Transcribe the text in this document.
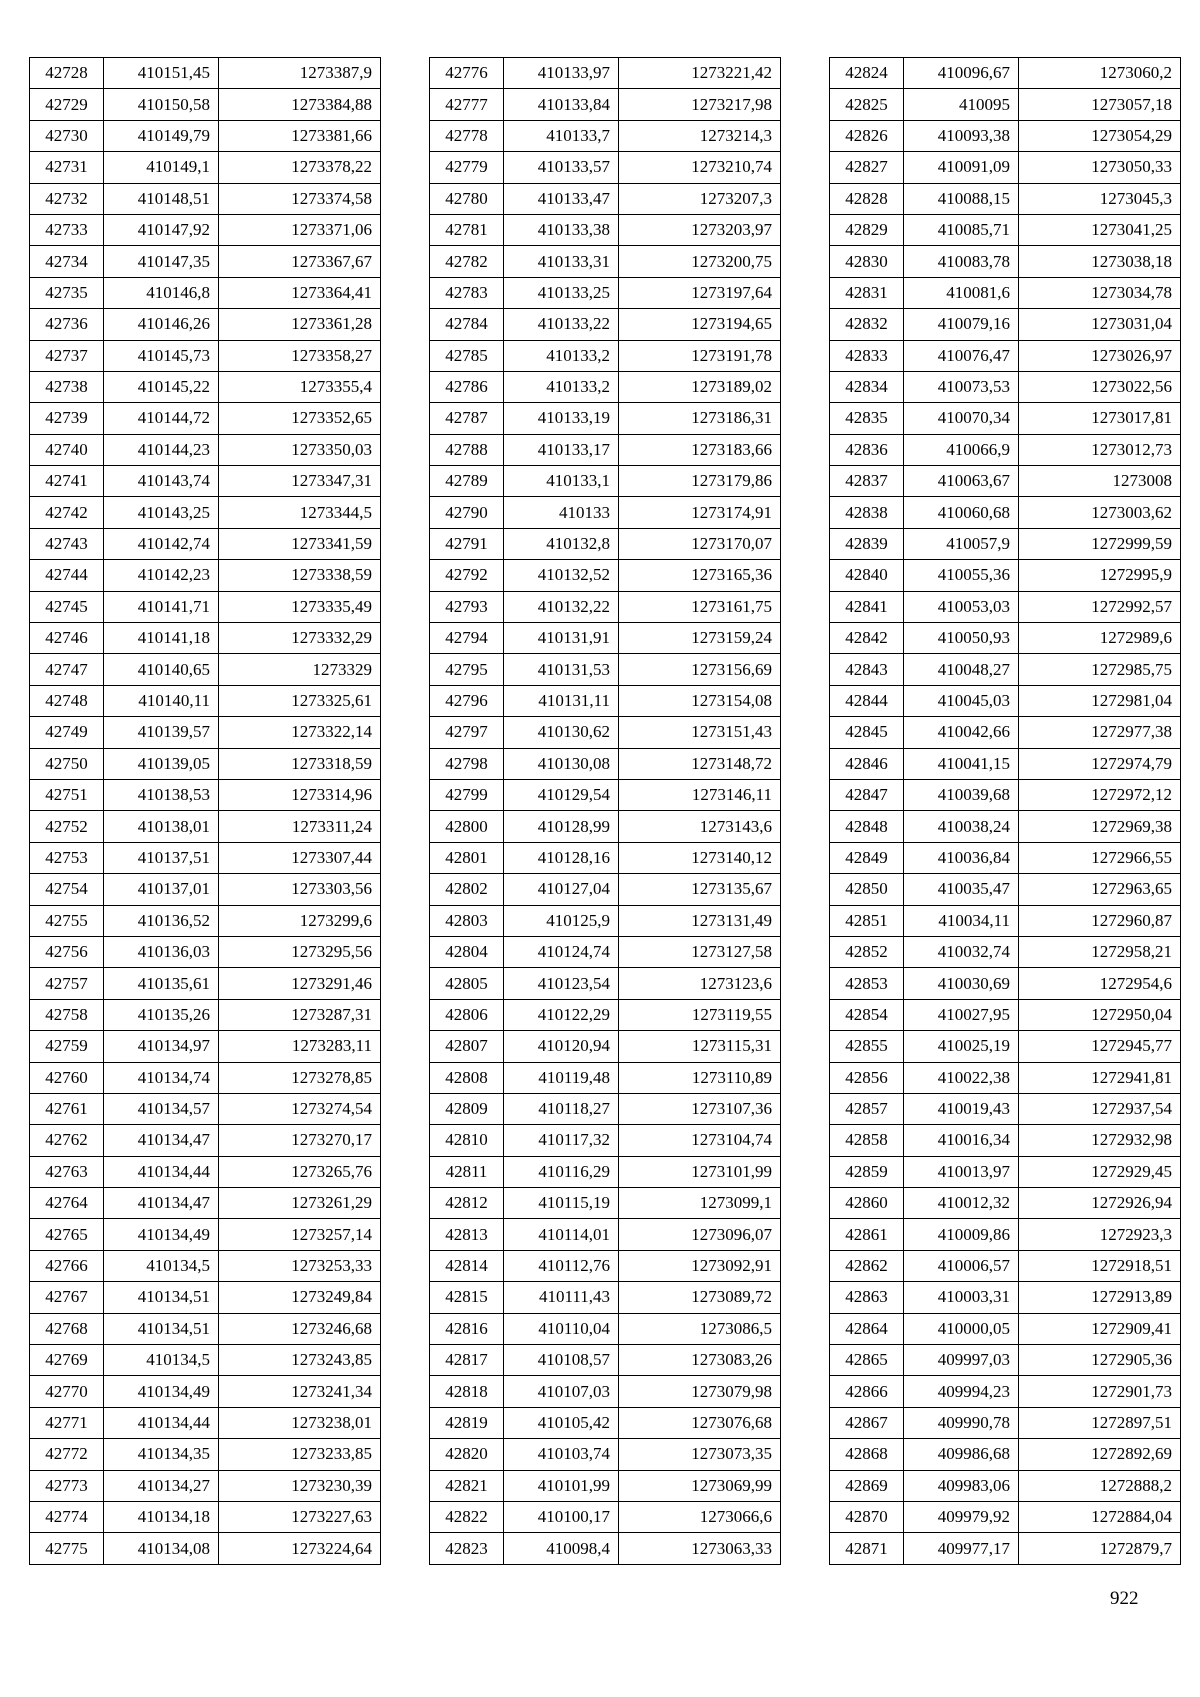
42728	410151,45	1273387,9
42729	410150,58	1273384,88
42730	410149,79	1273381,66
42731	410149,1	1273378,22
42732	410148,51	1273374,58
42733	410147,92	1273371,06
42734	410147,35	1273367,67
42735	410146,8	1273364,41
42736	410146,26	1273361,28
42737	410145,73	1273358,27
42738	410145,22	1273355,4
42739	410144,72	1273352,65
42740	410144,23	1273350,03
42741	410143,74	1273347,31
42742	410143,25	1273344,5
42743	410142,74	1273341,59
42744	410142,23	1273338,59
42745	410141,71	1273335,49
42746	410141,18	1273332,29
42747	410140,65	1273329
42748	410140,11	1273325,61
42749	410139,57	1273322,14
42750	410139,05	1273318,59
42751	410138,53	1273314,96
42752	410138,01	1273311,24
42753	410137,51	1273307,44
42754	410137,01	1273303,56
42755	410136,52	1273299,6
42756	410136,03	1273295,56
42757	410135,61	1273291,46
42758	410135,26	1273287,31
42759	410134,97	1273283,11
42760	410134,74	1273278,85
42761	410134,57	1273274,54
42762	410134,47	1273270,17
42763	410134,44	1273265,76
42764	410134,47	1273261,29
42765	410134,49	1273257,14
42766	410134,5	1273253,33
42767	410134,51	1273249,84
42768	410134,51	1273246,68
42769	410134,5	1273243,85
42770	410134,49	1273241,34
42771	410134,44	1273238,01
42772	410134,35	1273233,85
42773	410134,27	1273230,39
42774	410134,18	1273227,63
42775	410134,08	1273224,64
42776	410133,97	1273221,42
42777	410133,84	1273217,98
42778	410133,7	1273214,3
42779	410133,57	1273210,74
42780	410133,47	1273207,3
42781	410133,38	1273203,97
42782	410133,31	1273200,75
42783	410133,25	1273197,64
42784	410133,22	1273194,65
42785	410133,2	1273191,78
42786	410133,2	1273189,02
42787	410133,19	1273186,31
42788	410133,17	1273183,66
42789	410133,1	1273179,86
42790	410133	1273174,91
42791	410132,8	1273170,07
42792	410132,52	1273165,36
42793	410132,22	1273161,75
42794	410131,91	1273159,24
42795	410131,53	1273156,69
42796	410131,11	1273154,08
42797	410130,62	1273151,43
42798	410130,08	1273148,72
42799	410129,54	1273146,11
42800	410128,99	1273143,6
42801	410128,16	1273140,12
42802	410127,04	1273135,67
42803	410125,9	1273131,49
42804	410124,74	1273127,58
42805	410123,54	1273123,6
42806	410122,29	1273119,55
42807	410120,94	1273115,31
42808	410119,48	1273110,89
42809	410118,27	1273107,36
42810	410117,32	1273104,74
42811	410116,29	1273101,99
42812	410115,19	1273099,1
42813	410114,01	1273096,07
42814	410112,76	1273092,91
42815	410111,43	1273089,72
42816	410110,04	1273086,5
42817	410108,57	1273083,26
42818	410107,03	1273079,98
42819	410105,42	1273076,68
42820	410103,74	1273073,35
42821	410101,99	1273069,99
42822	410100,17	1273066,6
42823	410098,4	1273063,33
42824	410096,67	1273060,2
42825	410095	1273057,18
42826	410093,38	1273054,29
42827	410091,09	1273050,33
42828	410088,15	1273045,3
42829	410085,71	1273041,25
42830	410083,78	1273038,18
42831	410081,6	1273034,78
42832	410079,16	1273031,04
42833	410076,47	1273026,97
42834	410073,53	1273022,56
42835	410070,34	1273017,81
42836	410066,9	1273012,73
42837	410063,67	1273008
42838	410060,68	1273003,62
42839	410057,9	1272999,59
42840	410055,36	1272995,9
42841	410053,03	1272992,57
42842	410050,93	1272989,6
42843	410048,27	1272985,75
42844	410045,03	1272981,04
42845	410042,66	1272977,38
42846	410041,15	1272974,79
42847	410039,68	1272972,12
42848	410038,24	1272969,38
42849	410036,84	1272966,55
42850	410035,47	1272963,65
42851	410034,11	1272960,87
42852	410032,74	1272958,21
42853	410030,69	1272954,6
42854	410027,95	1272950,04
42855	410025,19	1272945,77
42856	410022,38	1272941,81
42857	410019,43	1272937,54
42858	410016,34	1272932,98
42859	410013,97	1272929,45
42860	410012,32	1272926,94
42861	410009,86	1272923,3
42862	410006,57	1272918,51
42863	410003,31	1272913,89
42864	410000,05	1272909,41
42865	409997,03	1272905,36
42866	409994,23	1272901,73
42867	409990,78	1272897,51
42868	409986,68	1272892,69
42869	409983,06	1272888,2
42870	409979,92	1272884,04
42871	409977,17	1272879,7
922
